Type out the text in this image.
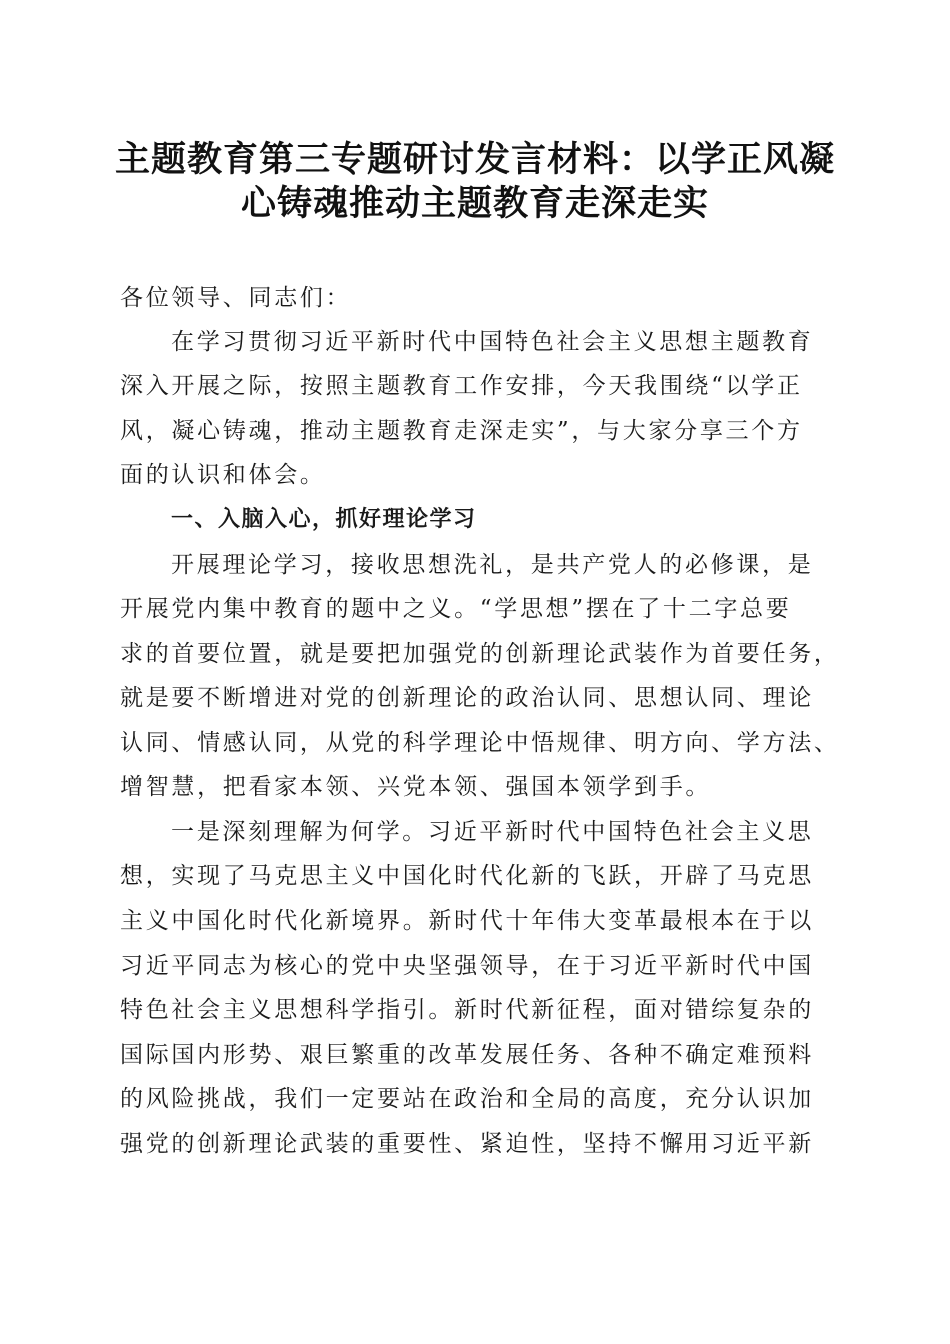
主题教育第三专题研讨发言材料：以学正风凝
心铸魂推动主题教育走深走实

各位领导、同志们：

在学习贯彻习近平新时代中国特色社会主义思想主题教育

深入开展之际，按照主题教育工作安排，今天我围绕“以学正

风，凝心铸魂，推动主题教育走深走实”，与大家分享三个方

面的认识和体会。

一、入脑入心，抓好理论学习

开展理论学习，接收思想洗礼，是共产党人的必修课，是

开展党内集中教育的题中之义。“学思想”摆在了十二字总要

求的首要位置，就是要把加强党的创新理论武装作为首要任务，

就是要不断增进对党的创新理论的政治认同、思想认同、理论

认同、情感认同，从党的科学理论中悟规律、明方向、学方法、

增智慧，把看家本领、兴党本领、强国本领学到手。

一是深刻理解为何学。习近平新时代中国特色社会主义思

想，实现了马克思主义中国化时代化新的飞跃，开辟了马克思

主义中国化时代化新境界。新时代十年伟大变革最根本在于以

习近平同志为核心的党中央坚强领导，在于习近平新时代中国

特色社会主义思想科学指引。新时代新征程，面对错综复杂的

国际国内形势、艰巨繁重的改革发展任务、各种不确定难预料

的风险挑战，我们一定要站在政治和全局的高度，充分认识加

强党的创新理论武装的重要性、紧迫性，坚持不懈用习近平新
